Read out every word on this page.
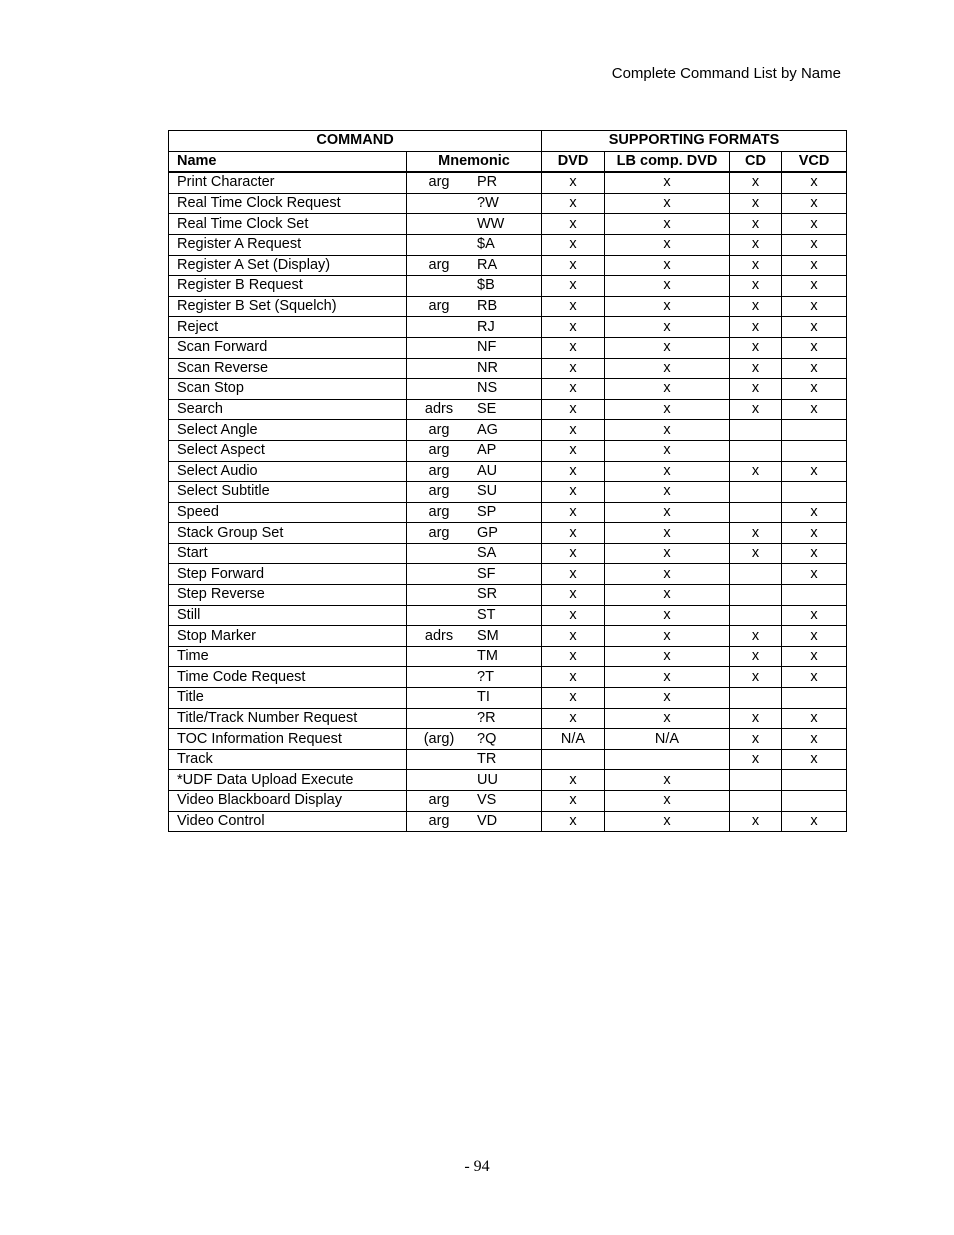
Complete Command List by Name
COMMAND		SUPPORTING FORMATS			
Name	Mnemonic	DVD	LB comp. DVD	CD	VCD
Print Character	arg PR	x	x	x	x
Real Time Clock Request	?W	x	x	x	x
Real Time Clock Set	WW	x	x	x	x
Register A Request	$A	x	x	x	x
Register A Set (Display)	arg RA	x	x	x	x
Register B Request	$B	x	x	x	x
Register B Set (Squelch)	arg RB	x	x	x	x
Reject	RJ	x	x	x	x
Scan Forward	NF	x	x	x	x
Scan Reverse	NR	x	x	x	x
Scan Stop	NS	x	x	x	x
Search	adrs SE	x	x	x	x
Select Angle	arg AG	x	x		
Select Aspect	arg AP	x	x		
Select Audio	arg AU	x	x	x	x
Select Subtitle	arg SU	x	x		
Speed	arg SP	x	x		x
Stack Group Set	arg GP	x	x	x	x
Start	SA	x	x	x	x
Step Forward	SF	x	x		x
Step Reverse	SR	x	x		
Still	ST	x	x		x
Stop Marker	adrs SM	x	x	x	x
Time	TM	x	x	x	x
Time Code Request	?T	x	x	x	x
Title	TI	x	x		
Title/Track Number Request	?R	x	x	x	x
TOC Information Request	(arg) ?Q	N/A	N/A	x	x
Track	TR			x	x
*UDF Data Upload Execute	UU	x	x		
Video Blackboard Display	arg VS	x	x		
Video Control	arg VD	x	x	x	x
- 94
